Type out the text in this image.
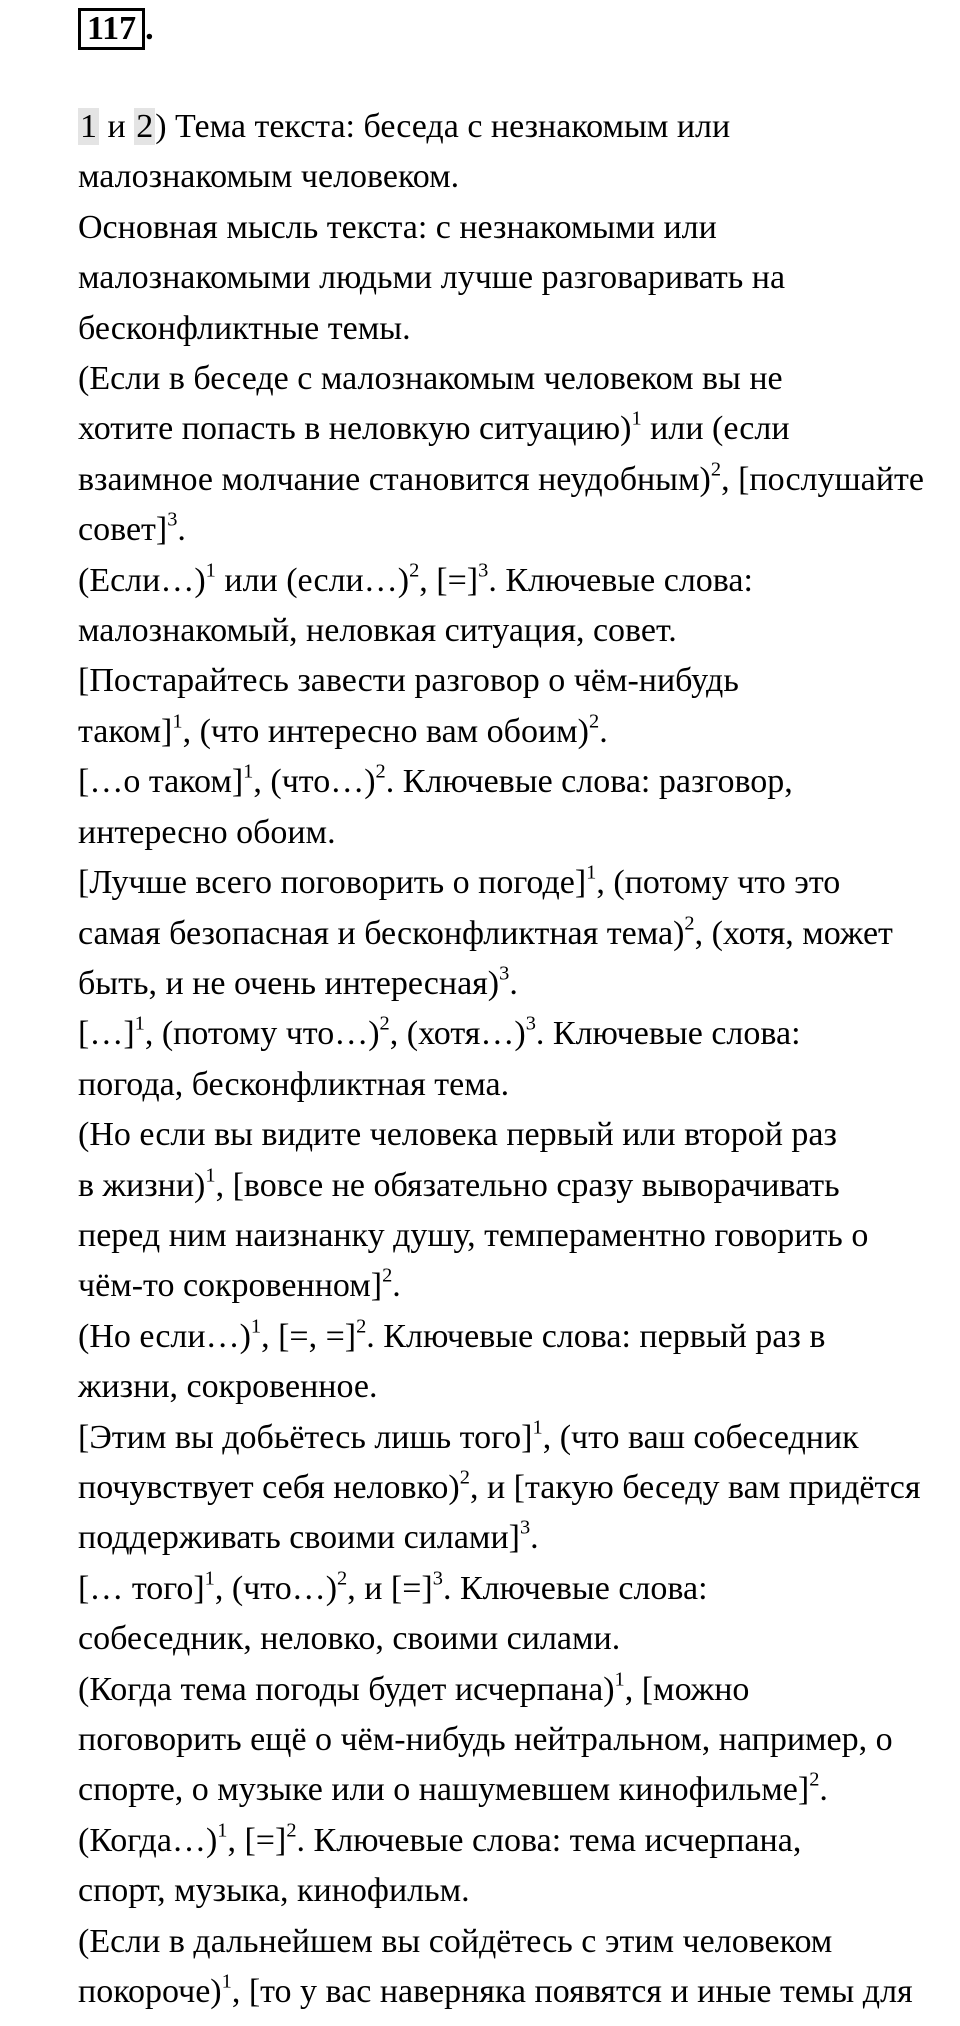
117 .

1 и 2) Тема текста: беседа с незнакомым или
малознакомым человеком.

Основная мысль текста: с незнакомыми или
малознакомыми людьми лучше разговаривать на
бесконфликтные темы.

(Если в беседе с малознакомым человеком вы не
хотите попасть в неловкую ситуацию)$^1$ или (если
взаимное молчание становится неудобным)$^2$, [послушайте
совет]$^3$.

(Если…)$^1$ или (если…)$^2$, [=]$^3$. Ключевые слова:
малознакомый, неловкая ситуация, совет.

[Постарайтесь завести разговор о чём-нибудь
таком]$^1$, (что интересно вам обоим)$^2$.

[…о таком]$^1$, (что…)$^2$. Ключевые слова: разговор,
интересно обоим.

[Лучше всего поговорить о погоде]$^1$, (потому что это
самая безопасная и бесконфликтная тема)$^2$, (хотя, может
быть, и не очень интересная)$^3$.

[…]$^1$, (потому что…)$^2$, (хотя…)$^3$. Ключевые слова:
погода, бесконфликтная тема.

(Но если вы видите человека первый или второй раз
в жизни)$^1$, [вовсе не обязательно сразу выворачивать
перед ним наизнанку душу, темпераментно говорить о
чём-то сокровенном]$^2$.

(Но если…)$^1$, [=, =]$^2$. Ключевые слова: первый раз в
жизни, сокровенное.

[Этим вы добьётесь лишь того]$^1$, (что ваш собеседник
почувствует себя неловко)$^2$, и [такую беседу вам придётся
поддерживать своими силами]$^3$.

[… того]$^1$, (что…)$^2$, и [=]$^3$. Ключевые слова:
собеседник, неловко, своими силами.

(Когда тема погоды будет исчерпана)$^1$, [можно
поговорить ещё о чём-нибудь нейтральном, например, о
спорте, о музыке или о нашумевшем кинофильме]$^2$.

(Когда…)$^1$, [=]$^2$. Ключевые слова: тема исчерпана,
спорт, музыка, кинофильм.

(Если в дальнейшем вы сойдётесь с этим человеком
покороче)$^1$, [то у вас наверняка появятся и иные темы для
